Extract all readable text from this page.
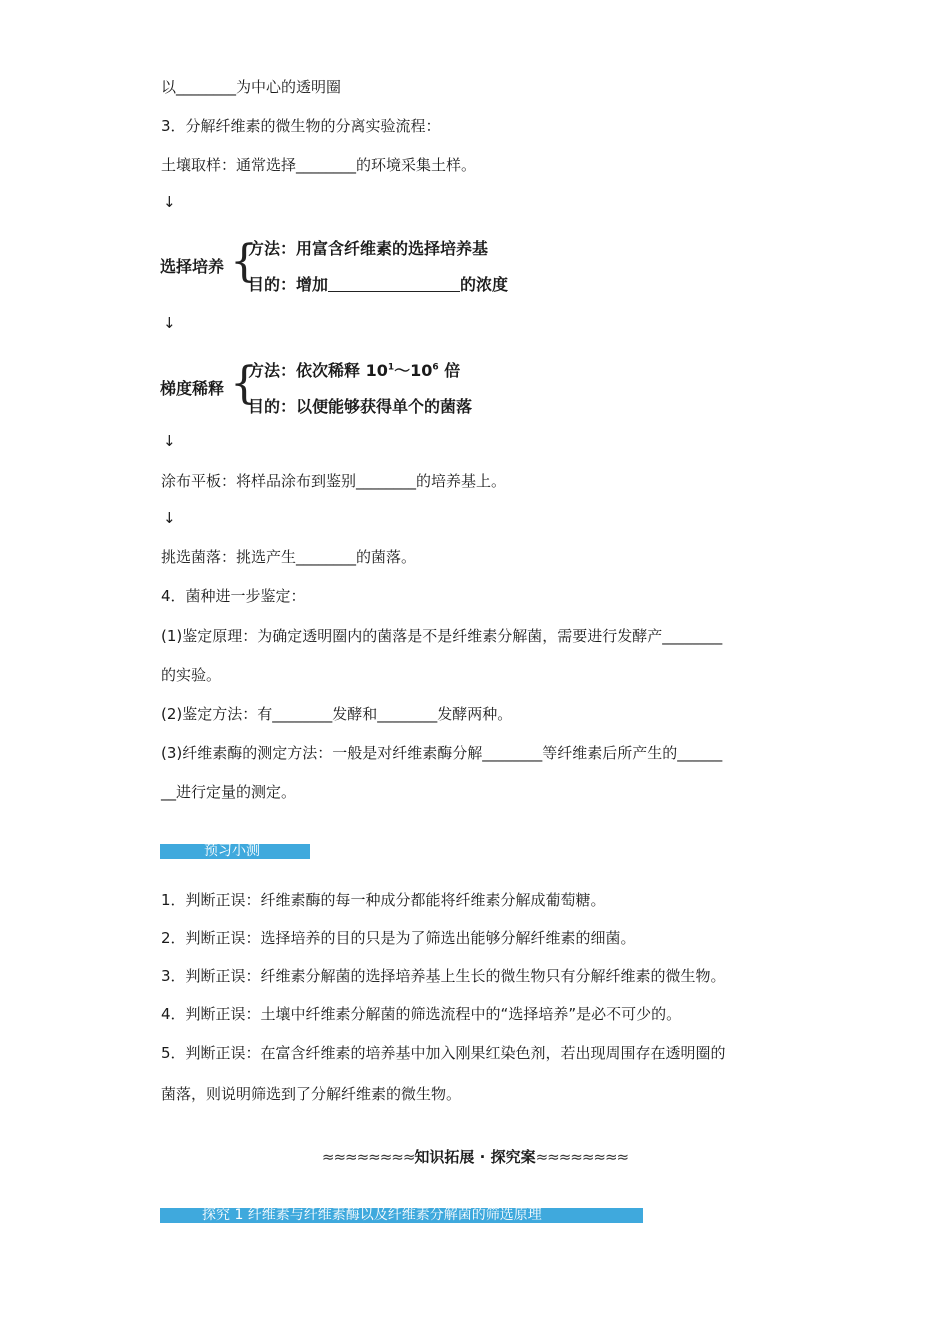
以________为中心的透明圈
3．分解纤维素的微生物的分离实验流程：
土壤取样：通常选择________的环境采集土样。
↓
选择培养 {
方法：用富含纤维素的选择培养基
目的：增加	的浓度
↓
梯度稀释 {
方法：依次稀释 $10^1\sim 10^6$ 倍
目的：以便能够获得单个的菌落
↓
涂布平板：将样品涂布到鉴别________的培养基上。
↓
挑选菌落：挑选产生________的菌落。
4．菌种进一步鉴定：
(1)鉴定原理：为确定透明圈内的菌落是不是纤维素分解菌，需要进行发酵产________
的实验。
(2)鉴定方法：有________发酵和________发酵两种。
(3)纤维素酶的测定方法：一般是对纤维素酶分解________等纤维素后所产生的______
__进行定量的测定。
预习小测
1．判断正误：纤维素酶的每一种成分都能将纤维素分解成葡萄糖。
2．判断正误：选择培养的目的只是为了筛选出能够分解纤维素的细菌。
3．判断正误：纤维素分解菌的选择培养基上生长的微生物只有分解纤维素的微生物。
4．判断正误：土壤中纤维素分解菌的筛选流程中的“选择培养”是必不可少的。
5．判断正误：在富含纤维素的培养基中加入刚果红染色剂，若出现周围存在透明圈的
菌落，则说明筛选到了分解纤维素的微生物。
≈≈≈≈≈≈≈≈知识拓展 · 探究案≈≈≈≈≈≈≈≈
探究 1 纤维素与纤维素酶以及纤维素分解菌的筛选原理
